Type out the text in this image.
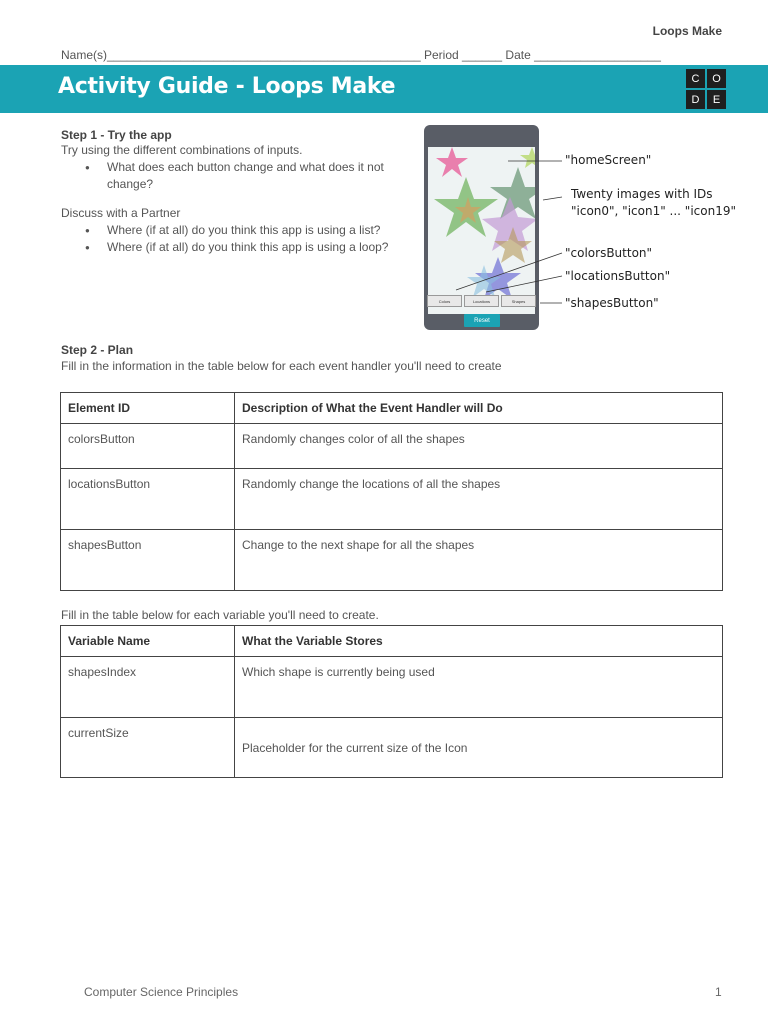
Loops Make
Name(s)_______________________________________________ Period ______ Date ___________________
Activity Guide - Loops Make	C	O
D	E
Step 1 - Try the app
Try using the different combinations of inputs.
● What does each button change and what does it not change?
Discuss with a Partner
● Where (if at all) do you think this app is using a list?
● Where (if at all) do you think this app is using a loop?
Colors	Locations	Shapes
Reset
"homeScreen"
Twenty images with IDs
"icon0", "icon1" ... "icon19"
"colorsButton"
"locationsButton"
"shapesButton"
Step 2 - Plan
Fill in the information in the table below for each event handler you'll need to create
Element ID	Description of What the Event Handler will Do
colorsButton	Randomly changes color of all the shapes
locationsButton	Randomly change the locations of all the shapes
shapesButton	Change to the next shape for all the shapes
Fill in the table below for each variable you'll need to create.
Variable Name	What the Variable Stores
shapesIndex	Which shape is currently being used
currentSize	Placeholder for the current size of the Icon
Computer Science Principles	1
